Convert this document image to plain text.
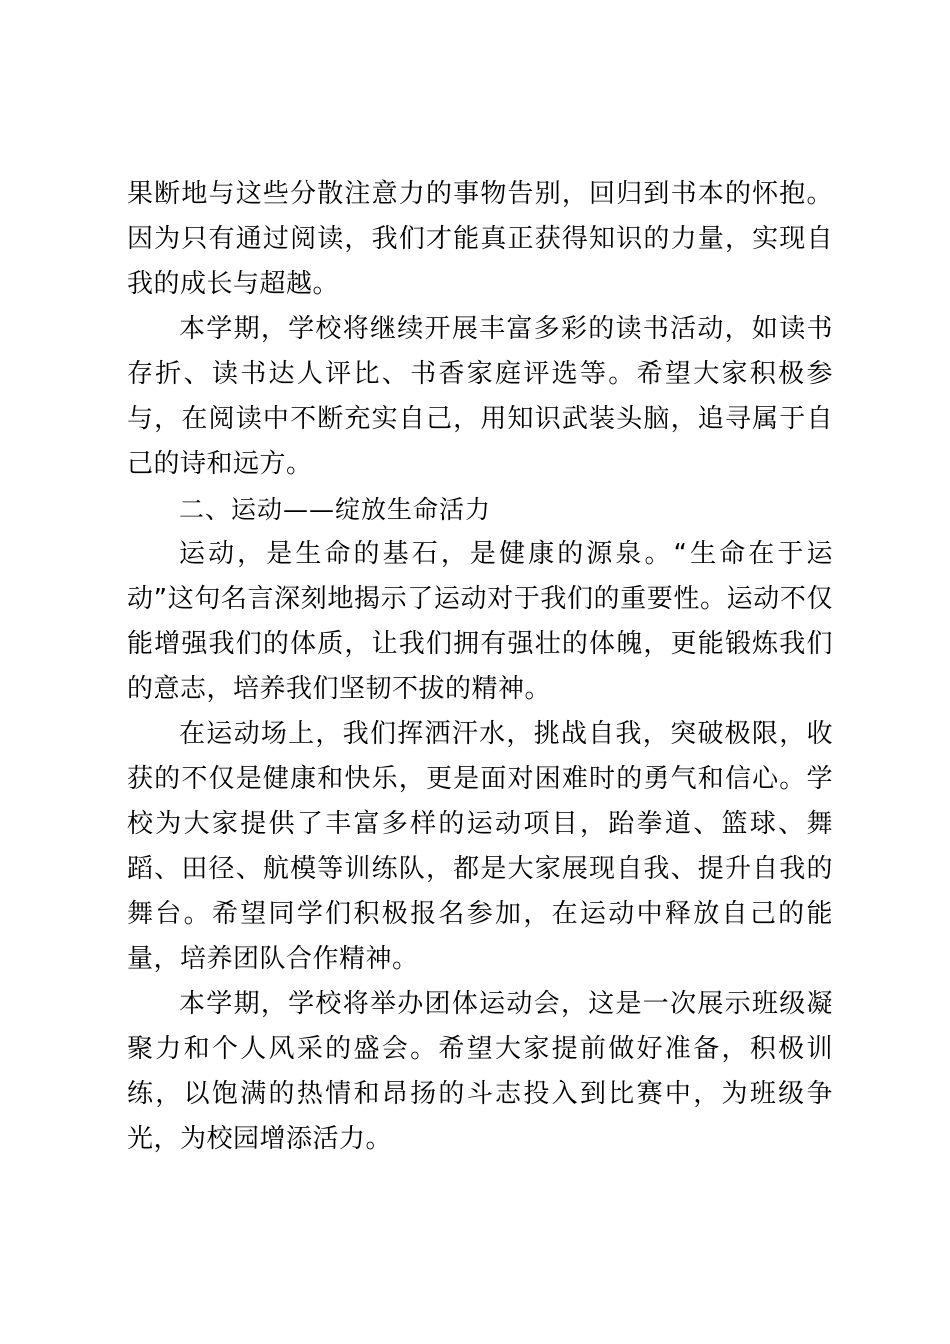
果断地与这些分散注意力的事物告别，回归到书本的怀抱。因为只有通过阅读，我们才能真正获得知识的力量，实现自我的成长与超越。

本学期，学校将继续开展丰富多彩的读书活动，如读书存折、读书达人评比、书香家庭评选等。希望大家积极参与，在阅读中不断充实自己，用知识武装头脑，追寻属于自己的诗和远方。

二、运动——绽放生命活力

运动，是生命的基石，是健康的源泉。“生命在于运动”这句名言深刻地揭示了运动对于我们的重要性。运动不仅能增强我们的体质，让我们拥有强壮的体魄，更能锻炼我们的意志，培养我们坚韧不拔的精神。

在运动场上，我们挥洒汗水，挑战自我，突破极限，收获的不仅是健康和快乐，更是面对困难时的勇气和信心。学校为大家提供了丰富多样的运动项目，跆拳道、篮球、舞蹈、田径、航模等训练队，都是大家展现自我、提升自我的舞台。希望同学们积极报名参加，在运动中释放自己的能量，培养团队合作精神。

本学期，学校将举办团体运动会，这是一次展示班级凝聚力和个人风采的盛会。希望大家提前做好准备，积极训练，以饱满的热情和昂扬的斗志投入到比赛中，为班级争光，为校园增添活力。
